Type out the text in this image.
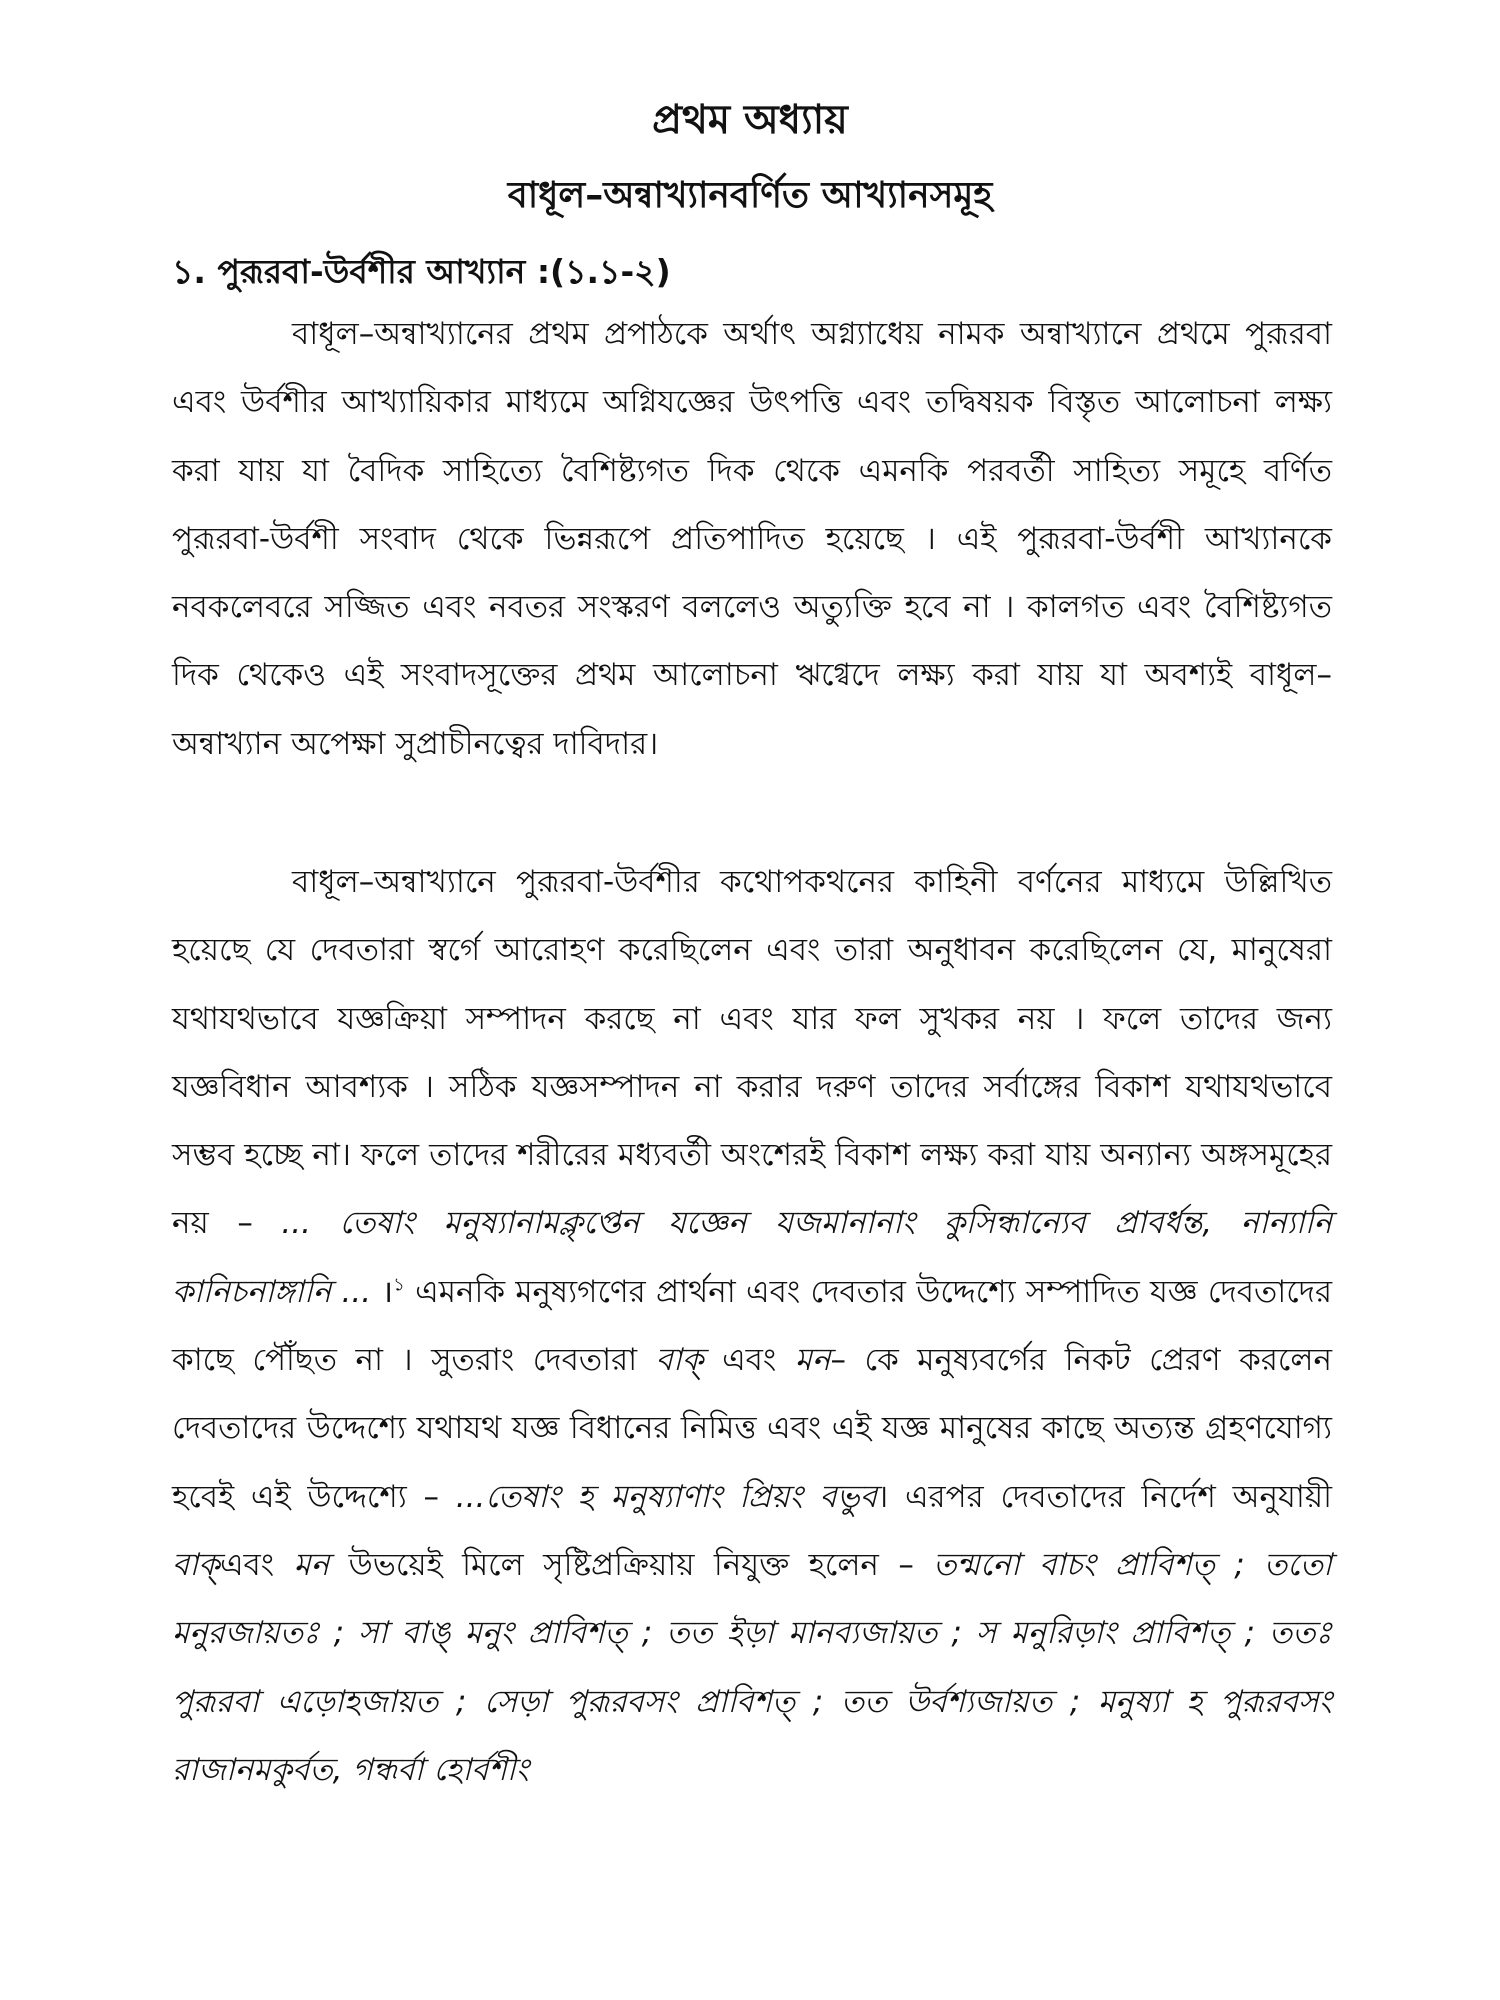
প্রথম অধ্যায়
বাধূল–অন্বাখ্যানবর্ণিত আখ্যানসমূহ
১. পুরূরবা-উর্বশীর আখ্যান :(১.১-২)

বাধূল–অন্বাখ্যানের প্রথম প্রপাঠকে অর্থাৎ অগ্ন্যাধেয় নামক অন্বাখ্যানে প্রথমে পুরূরবা এবং উর্বশীর আখ্যায়িকার মাধ্যমে অগ্নিযজ্ঞের উৎপত্তি এবং তদ্বিষয়ক বিস্তৃত আলোচনা লক্ষ্য করা যায় যা বৈদিক সাহিত্যে বৈশিষ্ট্যগত দিক থেকে এমনকি পরবর্তী সাহিত্য সমূহে বর্ণিত পুরূরবা-উর্বশী সংবাদ থেকে ভিন্নরূপে প্রতিপাদিত হয়েছে । এই পুরূরবা-উর্বশী আখ্যানকে নবকলেবরে সজ্জিত এবং নবতর সংস্করণ বললেও অত্যুক্তি হবে না । কালগত এবং বৈশিষ্ট্যগত দিক থেকেও এই সংবাদসূক্তের প্রথম আলোচনা ঋগ্বেদে লক্ষ্য করা যায় যা অবশ্যই বাধূল–অন্বাখ্যান অপেক্ষা সুপ্রাচীনত্বের দাবিদার।

বাধূল–অন্বাখ্যানে পুরূরবা-উর্বশীর কথোপকথনের কাহিনী বর্ণনের মাধ্যমে উল্লিখিত হয়েছে যে দেবতারা স্বর্গে আরোহণ করেছিলেন এবং তারা অনুধাবন করেছিলেন যে, মানুষেরা যথাযথভাবে যজ্ঞক্রিয়া সম্পাদন করছে না এবং যার ফল সুখকর নয় । ফলে তাদের জন্য যজ্ঞবিধান আবশ্যক । সঠিক যজ্ঞসম্পাদন না করার দরুণ তাদের সর্বাঙ্গের বিকাশ যথাযথভাবে সম্ভব হচ্ছে না। ফলে তাদের শরীরের মধ্যবর্তী অংশেরই বিকাশ লক্ষ্য করা যায় অন্যান্য অঙ্গসমূহের নয় – ... তেষাং মনুষ্যানামক্লৃপ্তেন যজ্ঞেন যজমানানাং কুসিন্ধান্যেব প্রাবর্ধন্ত, নান্যানি কানিচনাঙ্গানি ... ।$^১$ এমনকি মনুষ্যগণের প্রার্থনা এবং দেবতার উদ্দেশ্যে সম্পাদিত যজ্ঞ দেবতাদের কাছে পৌঁছত না । সুতরাং দেবতারা বাক্ এবং মন– কে মনুষ্যবর্গের নিকট প্রেরণ করলেন দেবতাদের উদ্দেশ্যে যথাযথ যজ্ঞ বিধানের নিমিত্ত এবং এই যজ্ঞ মানুষের কাছে অত্যন্ত গ্রহণযোগ্য হবেই এই উদ্দেশ্যে – ...তেষাং হ মনুষ্যাণাং প্রিয়ং বভুব। এরপর দেবতাদের নির্দেশ অনুযায়ী বাক্এবং মন উভয়েই মিলে সৃষ্টিপ্রক্রিয়ায় নিযুক্ত হলেন – তন্মনো বাচং প্রাবিশত্ ; ততো মনুরজায়তঃ ; সা বাঙ্ মনুং প্রাবিশত্ ; তত ইড়া মানব্যজায়ত ; স মনুরিড়াং প্রাবিশত্ ; ততঃ পুরূরবা এড়োহজায়ত ; সেড়া পুরূরবসং প্রাবিশত্ ; তত উর্বশ্যজায়ত ; মনুষ্যা হ পুরূরবসং রাজানমকুর্বত, গন্ধর্বা হোর্বশীং
